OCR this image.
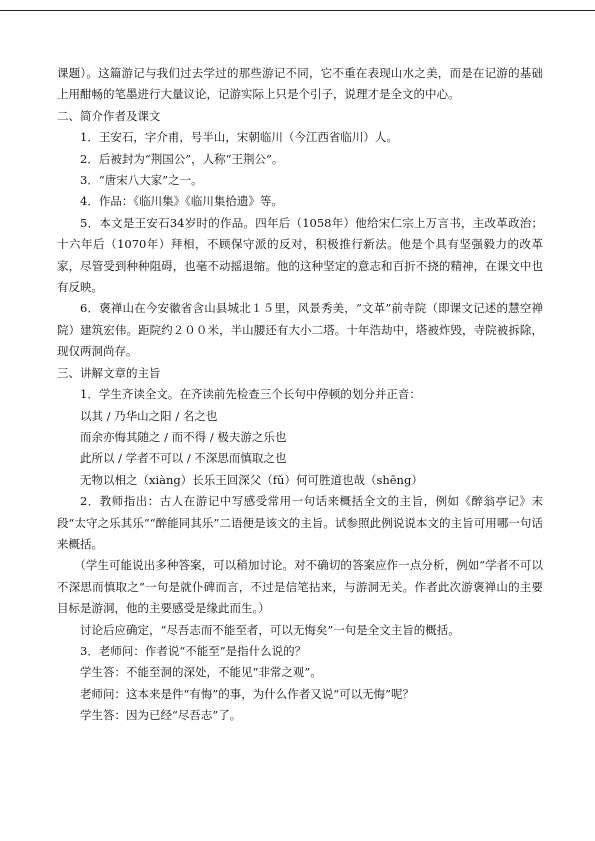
课题）。这篇游记与我们过去学过的那些游记不同，它不重在表现山水之美，而是在记游的基础上用酣畅的笔墨进行大量议论，记游实际上只是个引子，说理才是全文的中心。

二、简介作者及课文

1．王安石，字介甫，号半山，宋朝临川（今江西省临川）人。

2．后被封为“荆国公”，人称“王荆公”。

3．“唐宋八大家”之一。

4．作品：《临川集》《临川集拾遗》等。

5．本文是王安石34岁时的作品。四年后（1058年）他给宋仁宗上万言书，主改革政治；十六年后（1070年）拜相，不顾保守派的反对，积极推行新法。他是个具有坚强毅力的改革家，尽管受到种种阻碍，也毫不动摇退缩。他的这种坚定的意志和百折不挠的精神，在课文中也有反映。

6．褒禅山在今安徽省含山县城北１５里，风景秀美，“文革”前寺院（即课文记述的慧空禅院）建筑宏伟。距院约２００米，半山腰还有大小二塔。十年浩劫中，塔被炸毁，寺院被拆除，现仅两洞尚存。

三、讲解文章的主旨

1．学生齐读全文。在齐读前先检查三个长句中停顿的划分并正音：

以其 / 乃华山之阳 / 名之也

而余亦悔其随之 / 而不得 / 极夫游之乐也

此所以 / 学者不可以 / 不深思而慎取之也

无物以相之（xiàng）长乐王回深父（fǔ）何可胜道也哉（shēng）

2．教师指出：古人在游记中写感受常用一句话来概括全文的主旨，例如《醉翁亭记》末段“太守之乐其乐”“醉能同其乐”二语便是该文的主旨。试参照此例说说本文的主旨可用哪一句话来概括。

（学生可能说出多种答案，可以稍加讨论。对不确切的答案应作一点分析，例如“学者不可以不深思而慎取之”一句是就仆碑而言，不过是信笔拈来，与游洞无关。作者此次游褒禅山的主要目标是游洞，他的主要感受是缘此而生。）

讨论后应确定，“尽吾志而不能至者，可以无悔矣”一句是全文主旨的概括。

3．老师问：作者说“不能至”是指什么说的？

学生答：不能至洞的深处，不能见“非常之观”。

老师问：这本来是件“有悔”的事，为什么作者又说“可以无悔”呢？

学生答：因为已经“尽吾志”了。
